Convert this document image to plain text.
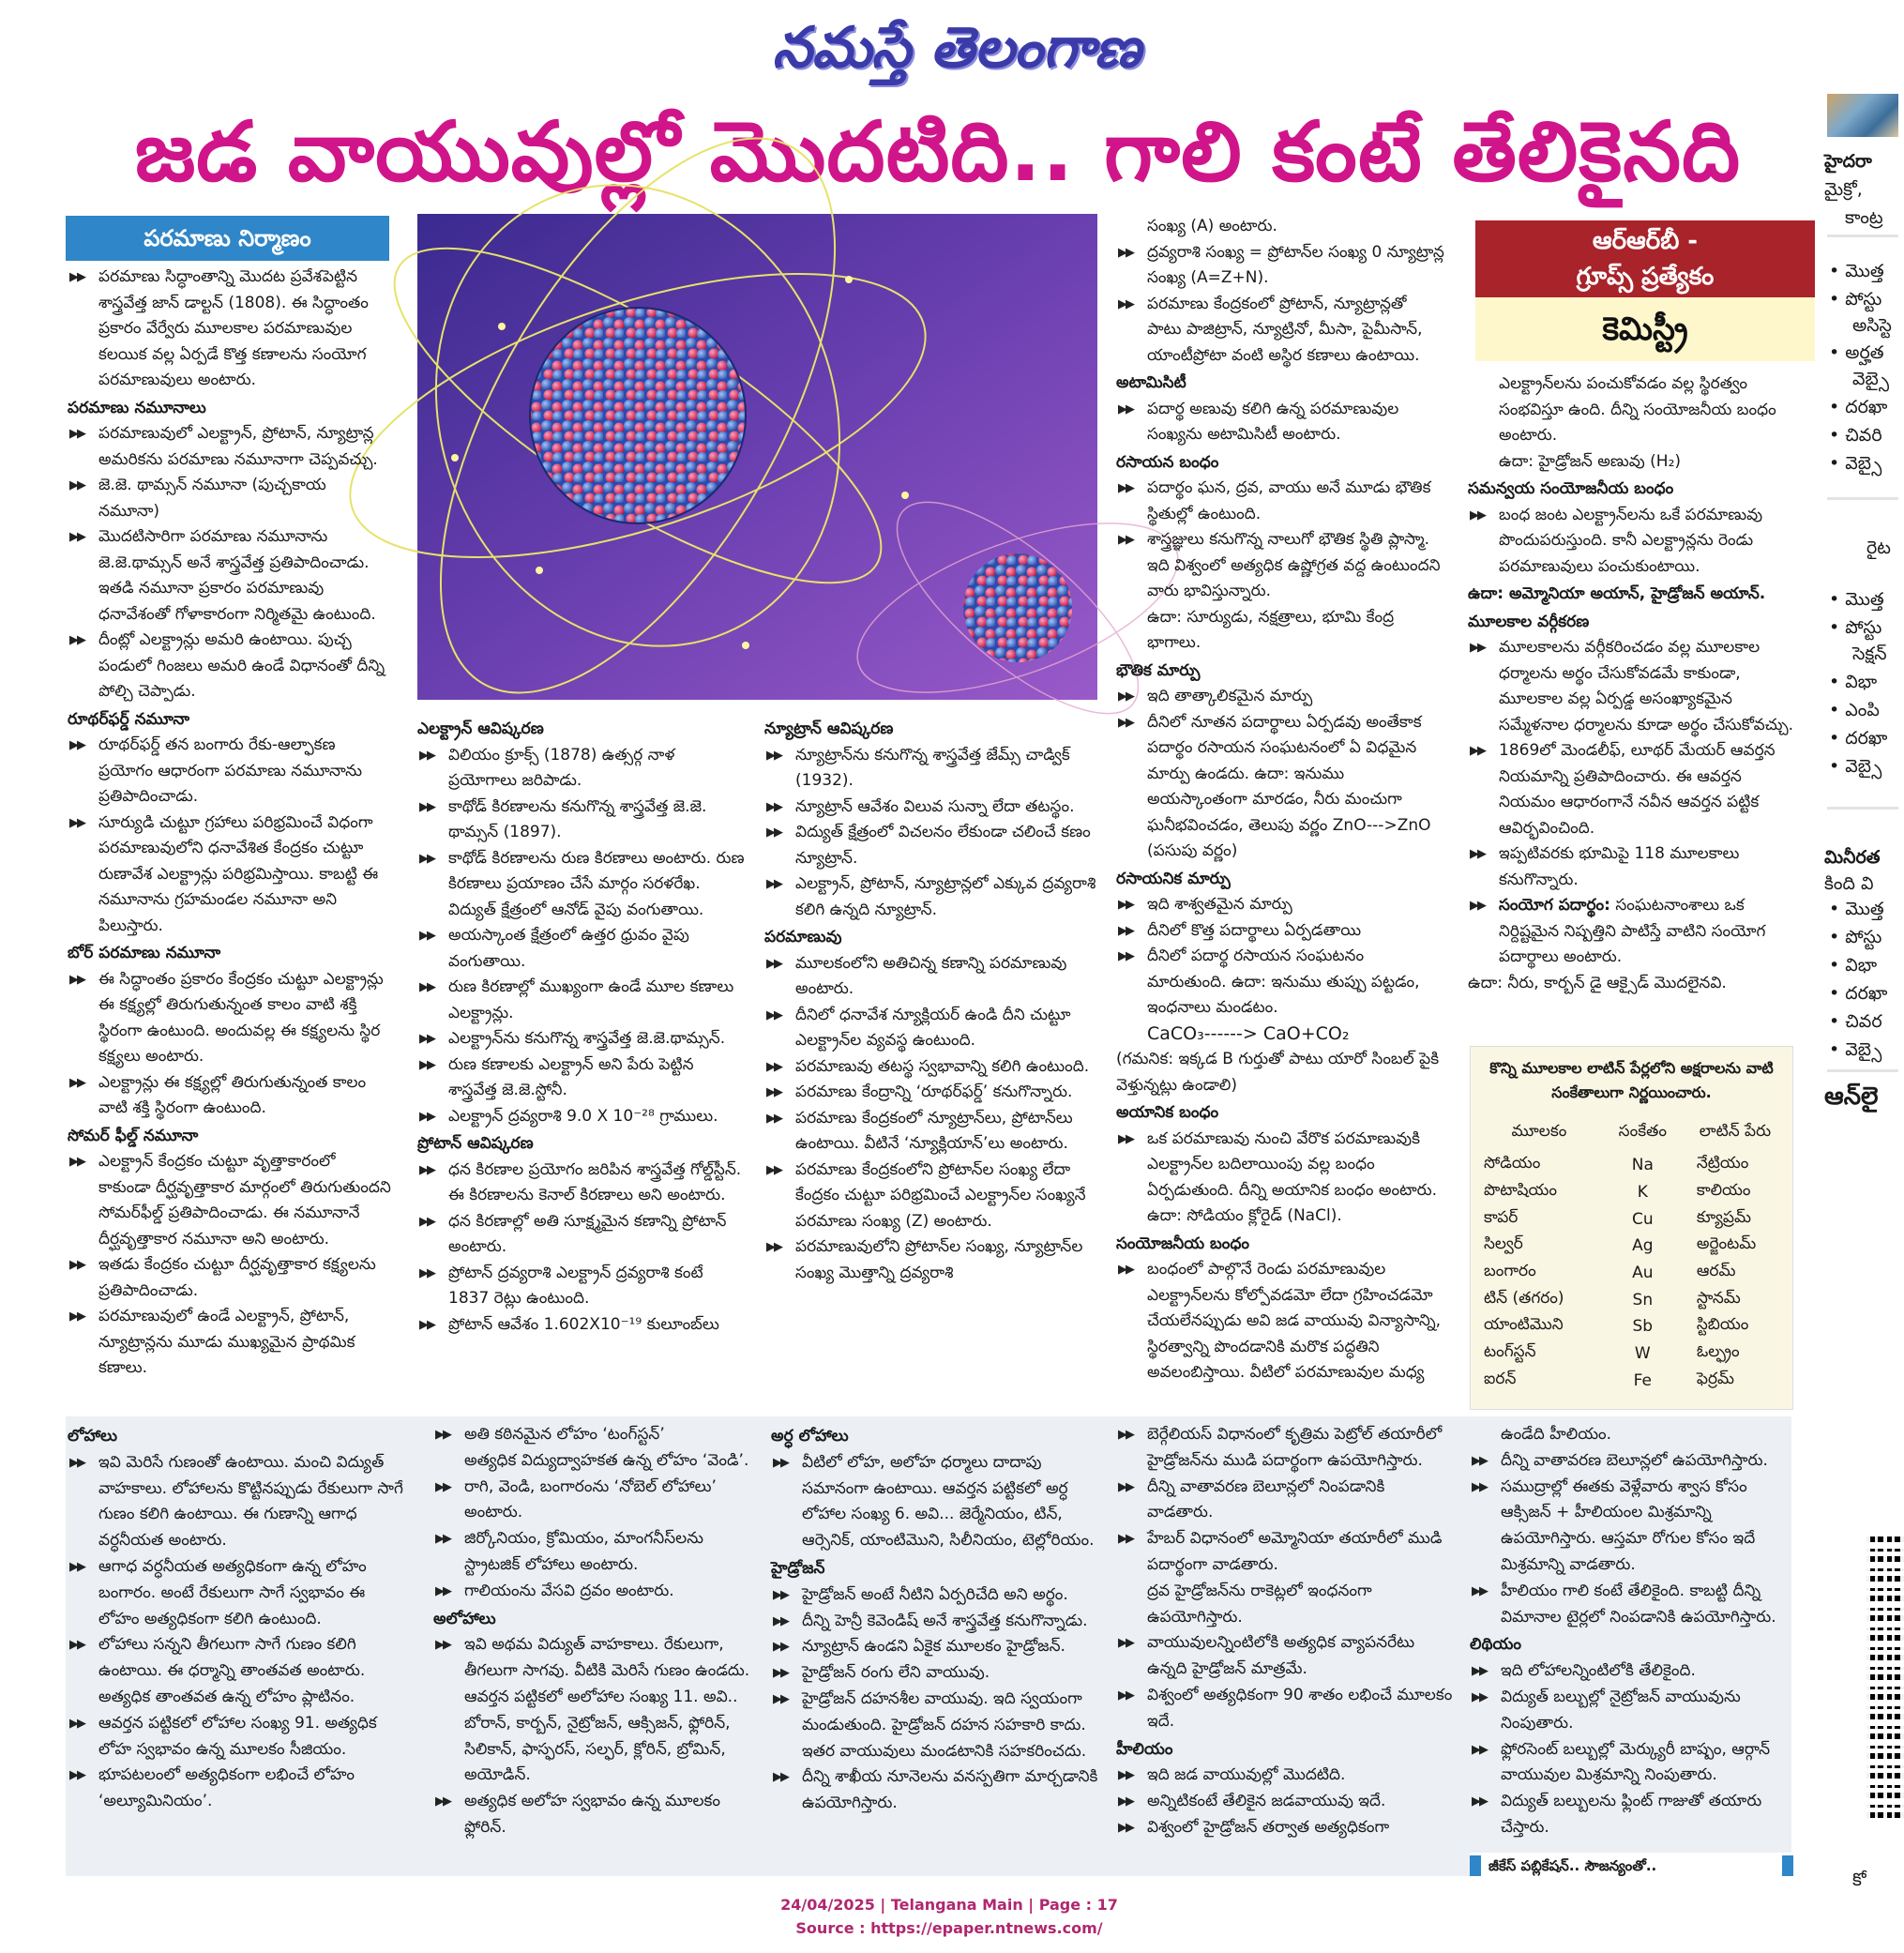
నమస్తే తెలంగాణ
జడ వాయువుల్లో మొదటిది.. గాలి కంటే తేలికైనది
పరమాణు నిర్మాణం
▶▶ పరమాణు సిద్ధాంతాన్ని మొదట ప్రవేశపెట్టిన శాస్త్రవేత్త జాన్ డాల్టన్ (1808). ఈ సిద్ధాంతం ప్రకారం వేర్వేరు మూలకాల పరమాణువుల కలయిక వల్ల ఏర్పడే కొత్త కణాలను సంయోగ పరమాణువులు అంటారు.
పరమాణు నమూనాలు
▶▶ పరమాణువులో ఎలక్ట్రాన్, ప్రోటాన్, న్యూట్రాన్ల అమరికను పరమాణు నమూనాగా చెప్పవచ్చు.
▶▶ జె.జె. థామ్సన్ నమూనా (పుచ్చకాయ నమూనా)
▶▶ మొదటిసారిగా పరమాణు నమూనాను జె.జె.థామ్సన్ అనే శాస్త్రవేత్త ప్రతిపాదించాడు. ఇతడి నమూనా ప్రకారం పరమాణువు ధనావేశంతో గోళాకారంగా నిర్మితమై ఉంటుంది.
▶▶ దీంట్లో ఎలక్ట్రాన్లు అమరి ఉంటాయి. పుచ్చ పండులో గింజలు అమరి ఉండే విధానంతో దీన్ని పోల్చి చెప్పాడు.
రూథర్‌ఫర్డ్ నమూనా
▶▶ రూథర్‌ఫర్డ్ తన బంగారు రేకు-ఆల్ఫాకణ ప్రయోగం ఆధారంగా పరమాణు నమూనాను ప్రతిపాదించాడు.
▶▶ సూర్యుడి చుట్టూ గ్రహాలు పరిభ్రమించే విధంగా పరమాణువులోని ధనావేశిత కేంద్రకం చుట్టూ రుణావేశ ఎలక్ట్రాన్లు పరిభ్రమిస్తాయి. కాబట్టి ఈ నమూనాను గ్రహమండల నమూనా అని పిలుస్తారు.
బోర్ పరమాణు నమూనా
▶▶ ఈ సిద్ధాంతం ప్రకారం కేంద్రకం చుట్టూ ఎలక్ట్రాన్లు ఈ కక్ష్యల్లో తిరుగుతున్నంత కాలం వాటి శక్తి స్థిరంగా ఉంటుంది. అందువల్ల ఈ కక్ష్యలను స్థిర కక్ష్యలు అంటారు.
▶▶ ఎలక్ట్రాన్లు ఈ కక్ష్యల్లో తిరుగుతున్నంత కాలం వాటి శక్తి స్థిరంగా ఉంటుంది.
సోమర్ ఫీల్డ్ నమూనా
▶▶ ఎలక్ట్రాన్ కేంద్రకం చుట్టూ వృత్తాకారంలో కాకుండా దీర్ఘవృత్తాకార మార్గంలో తిరుగుతుందని సోమర్‌ఫీల్డ్ ప్రతిపాదించాడు. ఈ నమూనానే దీర్ఘవృత్తాకార నమూనా అని అంటారు.
▶▶ ఇతడు కేంద్రకం చుట్టూ దీర్ఘవృత్తాకార కక్ష్యలను ప్రతిపాదించాడు.
▶▶ పరమాణువులో ఉండే ఎలక్ట్రాన్, ప్రోటాన్, న్యూట్రాన్లను మూడు ముఖ్యమైన ప్రాథమిక కణాలు.
ఎలక్ట్రాన్ ఆవిష్కరణ
▶▶ విలియం క్రూక్స్ (1878) ఉత్సర్గ నాళ ప్రయోగాలు జరిపాడు.
▶▶ కాథోడ్ కిరణాలను కనుగొన్న శాస్త్రవేత్త జె.జె. థామ్సన్ (1897).
▶▶ కాథోడ్ కిరణాలను రుణ కిరణాలు అంటారు. రుణ కిరణాలు ప్రయాణం చేసే మార్గం సరళరేఖ. విద్యుత్ క్షేత్రంలో ఆనోడ్ వైపు వంగుతాయి.
▶▶ అయస్కాంత క్షేత్రంలో ఉత్తర ధ్రువం వైపు వంగుతాయి.
▶▶ రుణ కిరణాల్లో ముఖ్యంగా ఉండే మూల కణాలు ఎలక్ట్రాన్లు.
▶▶ ఎలక్ట్రాన్‌ను కనుగొన్న శాస్త్రవేత్త జె.జె.థామ్సన్.
▶▶ రుణ కణాలకు ఎలక్ట్రాన్ అని పేరు పెట్టిన శాస్త్రవేత్త జె.జె.స్టోనీ.
▶▶ ఎలక్ట్రాన్ ద్రవ్యరాశి 9.0 X 10⁻²⁸ గ్రాములు.
ప్రోటాన్ ఆవిష్కరణ
▶▶ ధన కిరణాల ప్రయోగం జరిపిన శాస్త్రవేత్త గోల్డ్‌స్టీన్. ఈ కిరణాలను కెనాల్ కిరణాలు అని అంటారు.
▶▶ ధన కిరణాల్లో అతి సూక్ష్మమైన కణాన్ని ప్రోటాన్ అంటారు.
▶▶ ప్రోటాన్ ద్రవ్యరాశి ఎలక్ట్రాన్ ద్రవ్యరాశి కంటే 1837 రెట్లు ఉంటుంది.
▶▶ ప్రోటాన్ ఆవేశం 1.602X10⁻¹⁹ కులూంబ్‌లు
న్యూట్రాన్ ఆవిష్కరణ
▶▶ న్యూట్రాన్‌ను కనుగొన్న శాస్త్రవేత్త జేమ్స్ చాడ్విక్ (1932).
▶▶ న్యూట్రాన్ ఆవేశం విలువ సున్నా లేదా తటస్థం.
▶▶ విద్యుత్ క్షేత్రంలో విచలనం లేకుండా చలించే కణం న్యూట్రాన్.
▶▶ ఎలక్ట్రాన్, ప్రోటాన్, న్యూట్రాన్లలో ఎక్కువ ద్రవ్యరాశి కలిగి ఉన్నది న్యూట్రాన్.
పరమాణువు
▶▶ మూలకంలోని అతిచిన్న కణాన్ని పరమాణువు అంటారు.
▶▶ దీనిలో ధనావేశ న్యూక్లియర్ ఉండి దీని చుట్టూ ఎలక్ట్రాన్‌ల వ్యవస్థ ఉంటుంది.
▶▶ పరమాణువు తటస్థ స్వభావాన్ని కలిగి ఉంటుంది.
▶▶ పరమాణు కేంద్రాన్ని ‘రూథర్‌ఫర్డ్’ కనుగొన్నారు.
▶▶ పరమాణు కేంద్రకంలో న్యూట్రాన్‌లు, ప్రోటాన్‌లు ఉంటాయి. వీటినే ‘న్యూక్లియాన్’లు అంటారు.
▶▶ పరమాణు కేంద్రకంలోని ప్రోటాన్‌ల సంఖ్య లేదా కేంద్రకం చుట్టూ పరిభ్రమించే ఎలక్ట్రాన్‌ల సంఖ్యనే పరమాణు సంఖ్య (Z) అంటారు.
▶▶ పరమాణువులోని ప్రోటాన్‌ల సంఖ్య, న్యూట్రాన్‌ల సంఖ్య మొత్తాన్ని ద్రవ్యరాశి
సంఖ్య (A) అంటారు.
▶▶ ద్రవ్యరాశి సంఖ్య = ప్రోటాన్‌ల సంఖ్య 0 న్యూట్రాన్ల సంఖ్య (A=Z+N).
▶▶ పరమాణు కేంద్రకంలో ప్రోటాన్, న్యూట్రాన్లతో పాటు పాజిట్రాన్, న్యూట్రినో, మీసా, పైమీసాన్, యాంటీప్రోటా వంటి అస్థిర కణాలు ఉంటాయి.
అటామిసిటీ
▶▶ పదార్థ అణువు కలిగి ఉన్న పరమాణువుల సంఖ్యను అటామిసిటీ అంటారు.
రసాయన బంధం
▶▶ పదార్థం ఘన, ద్రవ, వాయు అనే మూడు భౌతిక స్థితుల్లో ఉంటుంది.
▶▶ శాస్త్రజ్ఞులు కనుగొన్న నాలుగో భౌతిక స్థితి ప్లాస్మా. ఇది విశ్వంలో అత్యధిక ఉష్ణోగ్రత వద్ద ఉంటుందని వారు భావిస్తున్నారు.
ఉదా: సూర్యుడు, నక్షత్రాలు, భూమి కేంద్ర భాగాలు.
భౌతిక మార్పు
▶▶ ఇది తాత్కాలికమైన మార్పు
▶▶ దీనిలో నూతన పదార్థాలు ఏర్పడవు అంతేకాక పదార్థం రసాయన సంఘటనంలో ఏ విధమైన మార్పు ఉండదు. ఉదా: ఇనుము అయస్కాంతంగా మారడం, నీరు మంచుగా ఘనీభవించడం, తెలుపు వర్ణం ZnO--->ZnO (పసుపు వర్ణం)
రసాయనిక మార్పు
▶▶ ఇది శాశ్వతమైన మార్పు
▶▶ దీనిలో కొత్త పదార్థాలు ఏర్పడతాయి
▶▶ దీనిలో పదార్థ రసాయన సంఘటనం మారుతుంది. ఉదా: ఇనుము తుప్పు పట్టడం, ఇంధనాలు మండటం.
CaCO₃------> CaO+CO₂
(గమనిక: ఇక్కడ B గుర్తుతో పాటు యారో సింబల్ పైకి వెళ్తున్నట్లు ఉండాలి)
అయానిక బంధం
▶▶ ఒక పరమాణువు నుంచి వేరొక పరమాణువుకి ఎలక్ట్రాన్‌ల బదిలాయింపు వల్ల బంధం ఏర్పడుతుంది. దీన్ని అయానిక బంధం అంటారు. ఉదా: సోడియం క్లోరైడ్ (NaCl).
సంయోజనీయ బంధం
▶▶ బంధంలో పాల్గొనే రెండు పరమాణువుల ఎలక్ట్రాన్‌లను కోల్పోవడమో లేదా గ్రహించడమో చేయలేనప్పుడు అవి జడ వాయువు విన్యాసాన్ని, స్థిరత్వాన్ని పొందడానికి మరొక పద్ధతిని అవలంబిస్తాయి. వీటిలో పరమాణువుల మధ్య
ఆర్‌ఆర్‌బీ -
గ్రూప్స్ ప్రత్యేకం
కెమిస్ట్రీ
ఎలక్ట్రాన్‌లను పంచుకోవడం వల్ల స్థిరత్వం సంభవిస్తూ ఉంది. దీన్ని సంయోజనీయ బంధం అంటారు.
ఉదా: హైడ్రోజన్ అణువు (H₂)
సమన్వయ సంయోజనీయ బంధం
▶▶ బంధ జంట ఎలక్ట్రాన్‌లను ఒకే పరమాణువు పొందుపరుస్తుంది. కానీ ఎలక్ట్రాన్లను రెండు పరమాణువులు పంచుకుంటాయి.
ఉదా: అమ్మోనియా అయాన్, హైడ్రోజన్ అయాన్.
మూలకాల వర్గీకరణ
▶▶ మూలకాలను వర్గీకరించడం వల్ల మూలకాల ధర్మాలను అర్థం చేసుకోవడమే కాకుండా, మూలకాల వల్ల ఏర్పడ్డ అసంఖ్యాకమైన సమ్మేళనాల ధర్మాలను కూడా అర్థం చేసుకోవచ్చు.
▶▶ 1869లో మెండలీఫ్, లూథర్ మేయర్ ఆవర్తన నియమాన్ని ప్రతిపాదించారు. ఈ ఆవర్తన నియమం ఆధారంగానే నవీన ఆవర్తన పట్టిక ఆవిర్భవించింది.
▶▶ ఇప్పటివరకు భూమిపై 118 మూలకాలు కనుగొన్నారు.
▶▶ సంయోగ పదార్థం: సంఘటనాంశాలు ఒక నిర్దిష్టమైన నిష్పత్తిని పాటిస్తే వాటిని సంయోగ పదార్థాలు అంటారు.
ఉదా: నీరు, కార్బన్ డై ఆక్సైడ్ మొదలైనవి.
కొన్ని మూలకాల లాటిన్ పేర్లలోని అక్షరాలను వాటి సంకేతాలుగా నిర్ణయించారు.
మూలకం	సంకేతం	లాటిన్ పేరు
సోడియం	Na	నేట్రియం
పొటాషియం	K	కాలియం
కాపర్	Cu	క్యూప్రమ్
సిల్వర్	Ag	అర్జెంటమ్
బంగారం	Au	ఆరమ్
టిన్ (తగరం)	Sn	స్టానమ్
యాంటిమొని	Sb	స్టిబియం
టంగ్‌స్టన్	W	ఓల్ఫ్రం
ఐరన్	Fe	ఫెర్రమ్
లోహాలు
▶▶ ఇవి మెరిసే గుణంతో ఉంటాయి. మంచి విద్యుత్ వాహకాలు. లోహాలను కొట్టినప్పుడు రేకులుగా సాగే గుణం కలిగి ఉంటాయి. ఈ గుణాన్ని ఆగాధ వర్ధనీయత అంటారు.
▶▶ ఆగాధ వర్ధనీయత అత్యధికంగా ఉన్న లోహం బంగారం. అంటే రేకులుగా సాగే స్వభావం ఈ లోహం అత్యధికంగా కలిగి ఉంటుంది.
▶▶ లోహాలు సన్నని తీగలుగా సాగే గుణం కలిగి ఉంటాయి. ఈ ధర్మాన్ని తాంతవత అంటారు. అత్యధిక తాంతవత ఉన్న లోహం ప్లాటినం.
▶▶ ఆవర్తన పట్టికలో లోహాల సంఖ్య 91. అత్యధిక లోహ స్వభావం ఉన్న మూలకం సీజియం.
▶▶ భూపటలంలో అత్యధికంగా లభించే లోహం ‘అల్యూమినియం’.
▶▶ అతి కఠినమైన లోహం ‘టంగ్‌స్టన్’
అత్యధిక విద్యుద్వాహకత ఉన్న లోహం ‘వెండి’.
▶▶ రాగి, వెండి, బంగారంను ‘నోబెల్ లోహాలు’ అంటారు.
▶▶ జిర్కోనియం, క్రోమియం, మాంగనీస్‌లను స్ట్రాటజిక్ లోహాలు అంటారు.
▶▶ గాలియంను వేసవి ద్రవం అంటారు.
అలోహాలు
▶▶ ఇవి అథమ విద్యుత్ వాహకాలు. రేకులుగా, తీగలుగా సాగవు. వీటికి మెరిసే గుణం ఉండదు. ఆవర్తన పట్టికలో అలోహాల సంఖ్య 11. అవి.. బోరాన్, కార్బన్, నైట్రోజన్, ఆక్సిజన్, ఫ్లోరిన్, సిలికాన్, ఫాస్ఫరస్, సల్ఫర్, క్లోరిన్, బ్రోమిన్, అయోడిన్.
▶▶ అత్యధిక అలోహ స్వభావం ఉన్న మూలకం ఫ్లోరిన్.
అర్ధ లోహాలు
▶▶ వీటిలో లోహ, అలోహ ధర్మాలు దాదాపు సమానంగా ఉంటాయి. ఆవర్తన పట్టికలో అర్ధ లోహాల సంఖ్య 6. అవి... జెర్మేనియం, టిన్, ఆర్సెనిక్, యాంటిమొని, సిలీనియం, టెల్లోరియం.
హైడ్రోజన్
▶▶ హైడ్రోజన్ అంటే నీటిని ఏర్పరిచేది అని అర్థం.
▶▶ దీన్ని హెన్రీ కెవెండిష్ అనే శాస్త్రవేత్త కనుగొన్నాడు.
▶▶ న్యూట్రాన్ ఉండని ఏకైక మూలకం హైడ్రోజన్.
▶▶ హైడ్రోజన్ రంగు లేని వాయువు.
▶▶ హైడ్రోజన్ దహనశీల వాయువు. ఇది స్వయంగా మండుతుంది. హైడ్రోజన్ దహన సహకారి కాదు. ఇతర వాయువులు మండటానికి సహకరించదు.
▶▶ దీన్ని శాఖీయ నూనెలను వనస్పతిగా మార్చడానికి ఉపయోగిస్తారు.
▶▶ బెర్గేలియస్ విధానంలో కృత్రిమ పెట్రోల్ తయారీలో హైడ్రోజన్‌ను ముడి పదార్థంగా ఉపయోగిస్తారు.
▶▶ దీన్ని వాతావరణ బెలూన్లలో నింపడానికి వాడతారు.
▶▶ హేబర్ విధానంలో అమ్మోనియా తయారీలో ముడి పదార్థంగా వాడతారు.
ద్రవ హైడ్రోజన్‌ను రాకెట్లలో ఇంధనంగా ఉపయోగిస్తారు.
▶▶ వాయువులన్నింటిలోకి అత్యధిక వ్యాపనరేటు ఉన్నది హైడ్రోజన్ మాత్రమే.
▶▶ విశ్వంలో అత్యధికంగా 90 శాతం లభించే మూలకం ఇదే.
హీలియం
▶▶ ఇది జడ వాయువుల్లో మొదటిది.
▶▶ అన్నిటికంటే తేలికైన జడవాయువు ఇదే.
▶▶ విశ్వంలో హైడ్రోజన్ తర్వాత అత్యధికంగా
ఉండేది హీలియం.
▶▶ దీన్ని వాతావరణ బెలూన్లలో ఉపయోగిస్తారు.
▶▶ సముద్రాల్లో ఈతకు వెళ్లేవారు శ్వాస కోసం ఆక్సిజన్ + హీలియంల మిశ్రమాన్ని ఉపయోగిస్తారు. ఆస్తమా రోగుల కోసం ఇదే మిశ్రమాన్ని వాడతారు.
▶▶ హీలియం గాలి కంటే తేలికైంది. కాబట్టి దీన్ని విమానాల టైర్లలో నింపడానికి ఉపయోగిస్తారు.
లిథియం
▶▶ ఇది లోహాలన్నింటిలోకి తేలికైంది.
▶▶ విద్యుత్ బల్బుల్లో నైట్రోజన్ వాయువును నింపుతారు.
▶▶ ఫ్లోరసెంట్ బల్బుల్లో మెర్క్యురీ బాష్పం, ఆర్గాన్ వాయువుల మిశ్రమాన్ని నింపుతారు.
▶▶ విద్యుత్ బల్బులను ఫ్లింట్ గాజుతో తయారు చేస్తారు.
జీకేస్ పబ్లికేషన్.. సౌజన్యంతో..
హైదరా
మైక్రో,
కాంట్ర
• మొత్త
• పోస్టు
అసిస్టె
• అర్హత
వెబ్సై
• దరఖా
• చివరి
• వెబ్సై
రైట
• మొత్త
• పోస్టు
సెక్షన్
• విభా
• ఎంపి
• దరఖా
• వెబ్సై
మినీరత
కింది వి
• మొత్త
• పోస్టు
• విభా
• దరఖా
• చివర
• వెబ్సై
ఆన్‌లై
కో
24/04/2025 | Telangana Main | Page : 17
Source : https://epaper.ntnews.com/
